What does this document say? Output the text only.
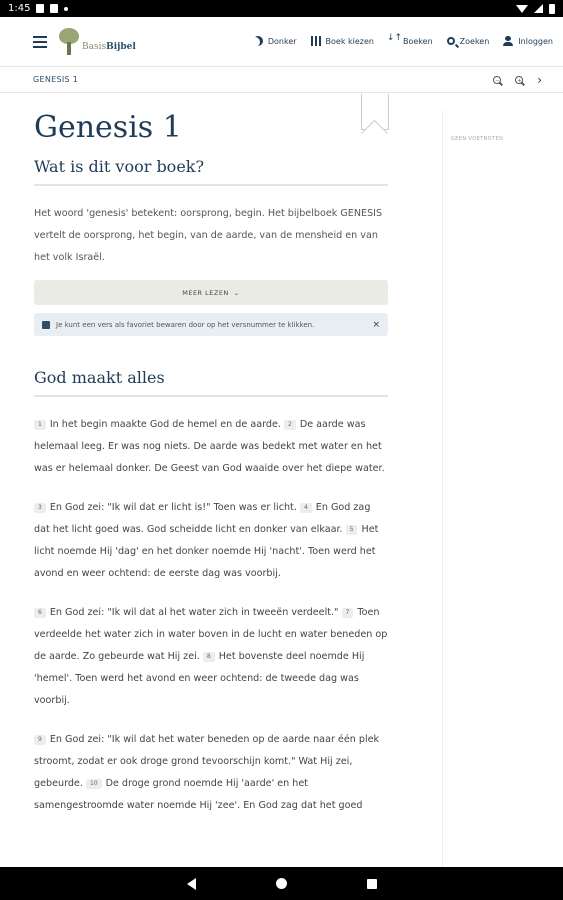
1:45
BasisBijbel
Donker	Boek kiezen
↓↑	Boeken	Zoeken	Inloggen
GENESIS 1	−	+ ›
Genesis 1
Wat is dit voor boek?

Het woord 'genesis' betekent: oorsprong, begin. Het bijbelboek GENESIS vertelt de oorsprong, het begin, van de aarde, van de mensheid en van het volk Israël.

MEER LEZEN ⌄
Je kunt een vers als favoriet bewaren door op het versnummer te klikken.	×
God maakt alles

1 In het begin maakte God de hemel en de aarde. 2 De aarde was helemaal leeg. Er was nog niets. De aarde was bedekt met water en het was er helemaal donker. De Geest van God waaide over het diepe water.

3 En God zei: "Ik wil dat er licht is!" Toen was er licht. 4 En God zag dat het licht goed was. God scheidde licht en donker van elkaar. 5 Het licht noemde Hij 'dag' en het donker noemde Hij 'nacht'. Toen werd het avond en weer ochtend: de eerste dag was voorbij.

6 En God zei: "Ik wil dat al het water zich in tweeën verdeelt." 7 Toen verdeelde het water zich in water boven in de lucht en water beneden op de aarde. Zo gebeurde wat Hij zei. 8 Het bovenste deel noemde Hij 'hemel'. Toen werd het avond en weer ochtend: de tweede dag was voorbij.

9 En God zei: "Ik wil dat het water beneden op de aarde naar één plek stroomt, zodat er ook droge grond tevoorschijn komt." Wat Hij zei, gebeurde. 10 De droge grond noemde Hij 'aarde' en het samengestroomde water noemde Hij 'zee'. En God zag dat het goed

GEEN VOETNOTEN
